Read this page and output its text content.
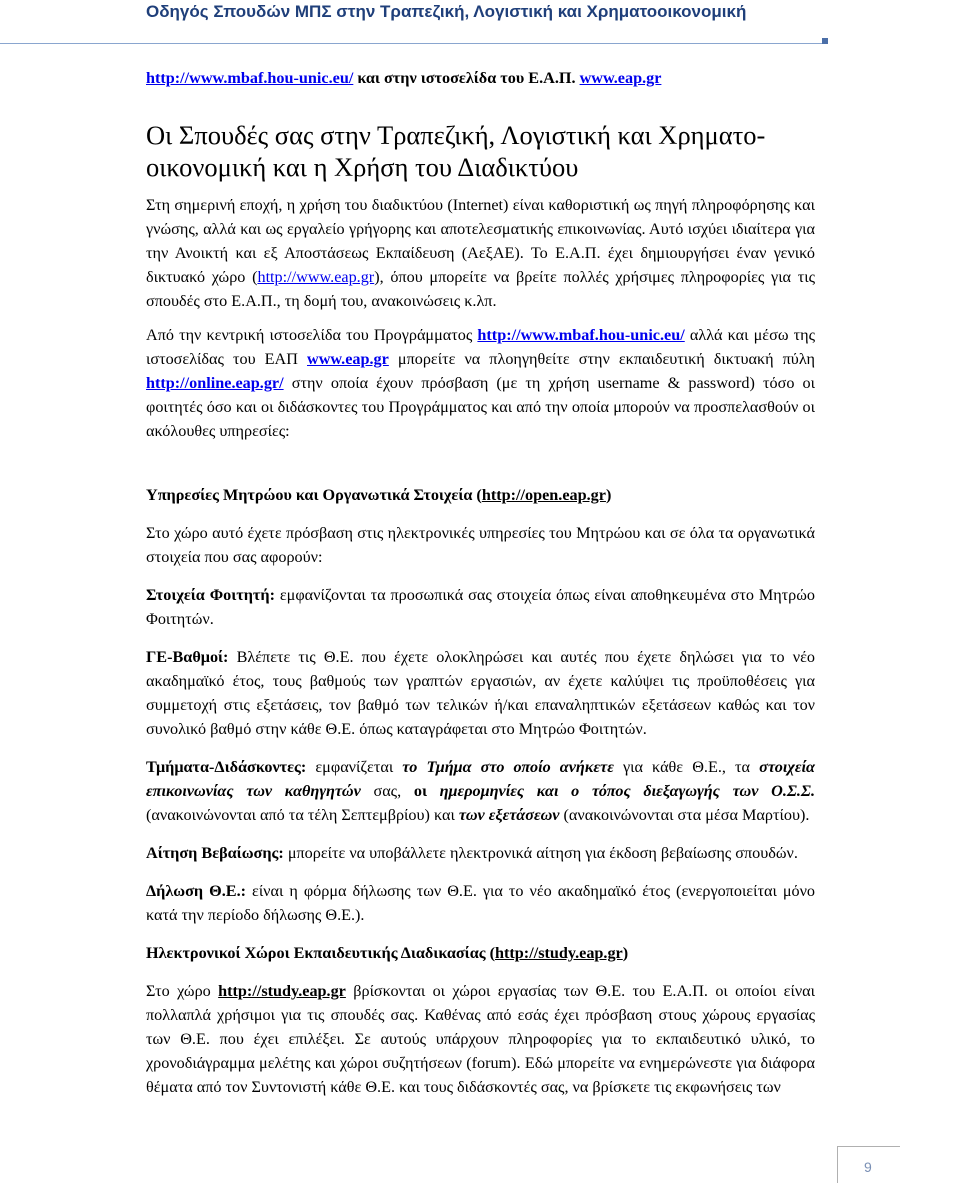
Οδηγός Σπουδών ΜΠΣ στην Τραπεζική, Λογιστική και Χρηματοοικονομική

http://www.mbaf.hou-unic.eu/ και στην ιστοσελίδα του Ε.Α.Π. www.eap.gr

Οι Σπουδές σας στην Τραπεζική, Λογιστική και Χρηματο-οικονομική και η Χρήση του Διαδικτύου

Στη σημερινή εποχή, η χρήση του διαδικτύου (Internet) είναι καθοριστική ως πηγή πληροφόρησης και γνώσης, αλλά και ως εργαλείο γρήγορης και αποτελεσματικής επικοινωνίας. Αυτό ισχύει ιδιαίτερα για την Ανοικτή και εξ Αποστάσεως Εκπαίδευση (ΑεξΑΕ). Το Ε.Α.Π. έχει δημιουργήσει έναν γενικό δικτυακό χώρο (http://www.eap.gr), όπου μπορείτε να βρείτε πολλές χρήσιμες πληροφορίες για τις σπουδές στο Ε.Α.Π., τη δομή του, ανακοινώσεις κ.λπ.

Από την κεντρική ιστοσελίδα του Προγράμματος http://www.mbaf.hou-unic.eu/ αλλά και μέσω της ιστοσελίδας του ΕΑΠ www.eap.gr μπορείτε να πλοηγηθείτε στην εκπαιδευτική δικτυακή πύλη http://online.eap.gr/ στην οποία έχουν πρόσβαση (με τη χρήση username & password) τόσο οι φοιτητές όσο και οι διδάσκοντες του Προγράμματος και από την οποία μπορούν να προσπελασθούν οι ακόλουθες υπηρεσίες:

Υπηρεσίες Μητρώου και Οργανωτικά Στοιχεία (http://open.eap.gr)

Στο χώρο αυτό έχετε πρόσβαση στις ηλεκτρονικές υπηρεσίες του Μητρώου και σε όλα τα οργανωτικά στοιχεία που σας αφορούν:

Στοιχεία Φοιτητή: εμφανίζονται τα προσωπικά σας στοιχεία όπως είναι αποθηκευμένα στο Μητρώο Φοιτητών.

ΓΕ-Βαθμοί: Βλέπετε τις Θ.Ε. που έχετε ολοκληρώσει και αυτές που έχετε δηλώσει για το νέο ακαδημαϊκό έτος, τους βαθμούς των γραπτών εργασιών, αν έχετε καλύψει τις προϋποθέσεις για συμμετοχή στις εξετάσεις, τον βαθμό των τελικών ή/και επαναληπτικών εξετάσεων καθώς και τον συνολικό βαθμό στην κάθε Θ.Ε. όπως καταγράφεται στο Μητρώο Φοιτητών.

Τμήματα-Διδάσκοντες: εμφανίζεται το Τμήμα στο οποίο ανήκετε για κάθε Θ.Ε., τα στοιχεία επικοινωνίας των καθηγητών σας, οι ημερομηνίες και ο τόπος διεξαγωγής των Ο.Σ.Σ. (ανακοινώνονται από τα τέλη Σεπτεμβρίου) και των εξετάσεων (ανακοινώνονται στα μέσα Μαρτίου).

Αίτηση Βεβαίωσης: μπορείτε να υποβάλλετε ηλεκτρονικά αίτηση για έκδοση βεβαίωσης σπουδών.

Δήλωση Θ.Ε.: είναι η φόρμα δήλωσης των Θ.Ε. για το νέο ακαδημαϊκό έτος (ενεργοποιείται μόνο κατά την περίοδο δήλωσης Θ.Ε.).

Ηλεκτρονικοί Χώροι Εκπαιδευτικής Διαδικασίας (http://study.eap.gr)

Στο χώρο http://study.eap.gr βρίσκονται οι χώροι εργασίας των Θ.Ε. του Ε.Α.Π. οι οποίοι είναι πολλαπλά χρήσιμοι για τις σπουδές σας. Καθένας από εσάς έχει πρόσβαση στους χώρους εργασίας των Θ.Ε. που έχει επιλέξει. Σε αυτούς υπάρχουν πληροφορίες για το εκπαιδευτικό υλικό, το χρονοδιάγραμμα μελέτης και χώροι συζητήσεων (forum). Εδώ μπορείτε να ενημερώνεστε για διάφορα θέματα από τον Συντονιστή κάθε Θ.Ε. και τους διδάσκοντές σας, να βρίσκετε τις εκφωνήσεις των

9
